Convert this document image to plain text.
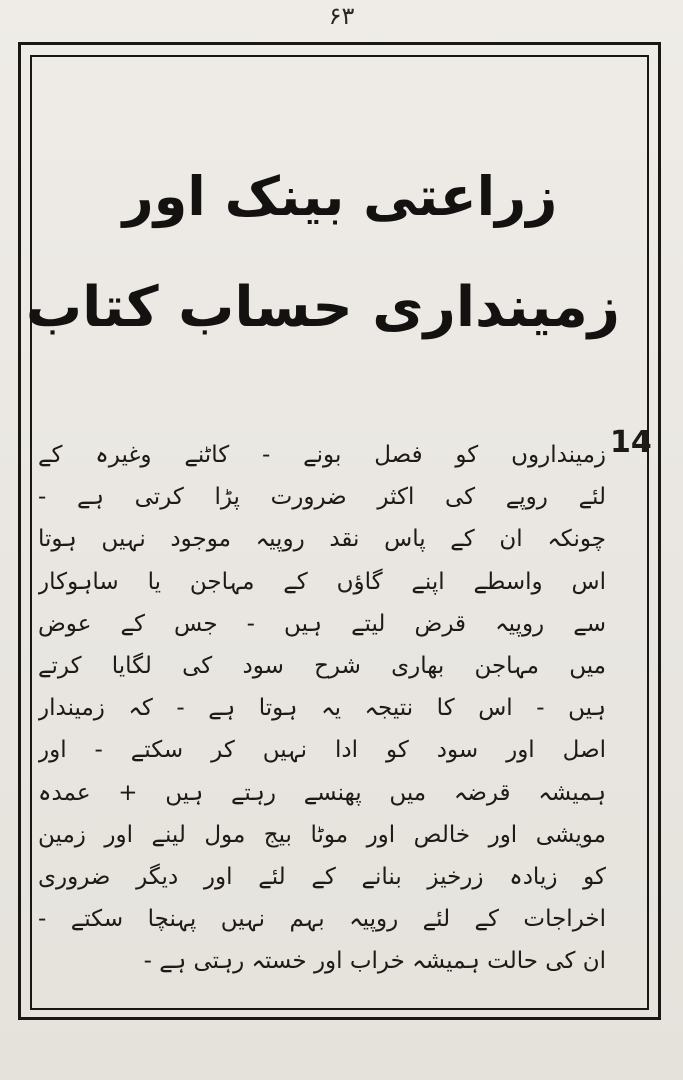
۶۳
زراعتی بینک اور
زمینداری حساب کتاب
14
زمینداروں کو فصل بونے - کاٹنے وغیرہ کے
لئے روپے کی اکثر ضرورت پڑا کرتی ہے -
چونکہ ان کے پاس نقد روپیہ موجود نہیں ہوتا
اس واسطے اپنے گاؤں کے مہاجن یا ساہوکار
سے روپیہ قرض لیتے ہیں - جس کے عوض
میں مہاجن بھاری شرح سود کی لگایا کرتے
ہیں - اس کا نتیجہ یہ ہوتا ہے - کہ زمیندار
اصل اور سود کو ادا نہیں کر سکتے - اور
ہمیشہ قرضہ میں پھنسے رہتے ہیں + عمدہ
مویشی اور خالص اور موٹا بیج مول لینے اور زمین
کو زیادہ زرخیز بنانے کے لئے اور دیگر ضروری
اخراجات کے لئے روپیہ بہم نہیں پہنچا سکتے -
ان کی حالت ہمیشہ خراب اور خستہ رہتی ہے -
